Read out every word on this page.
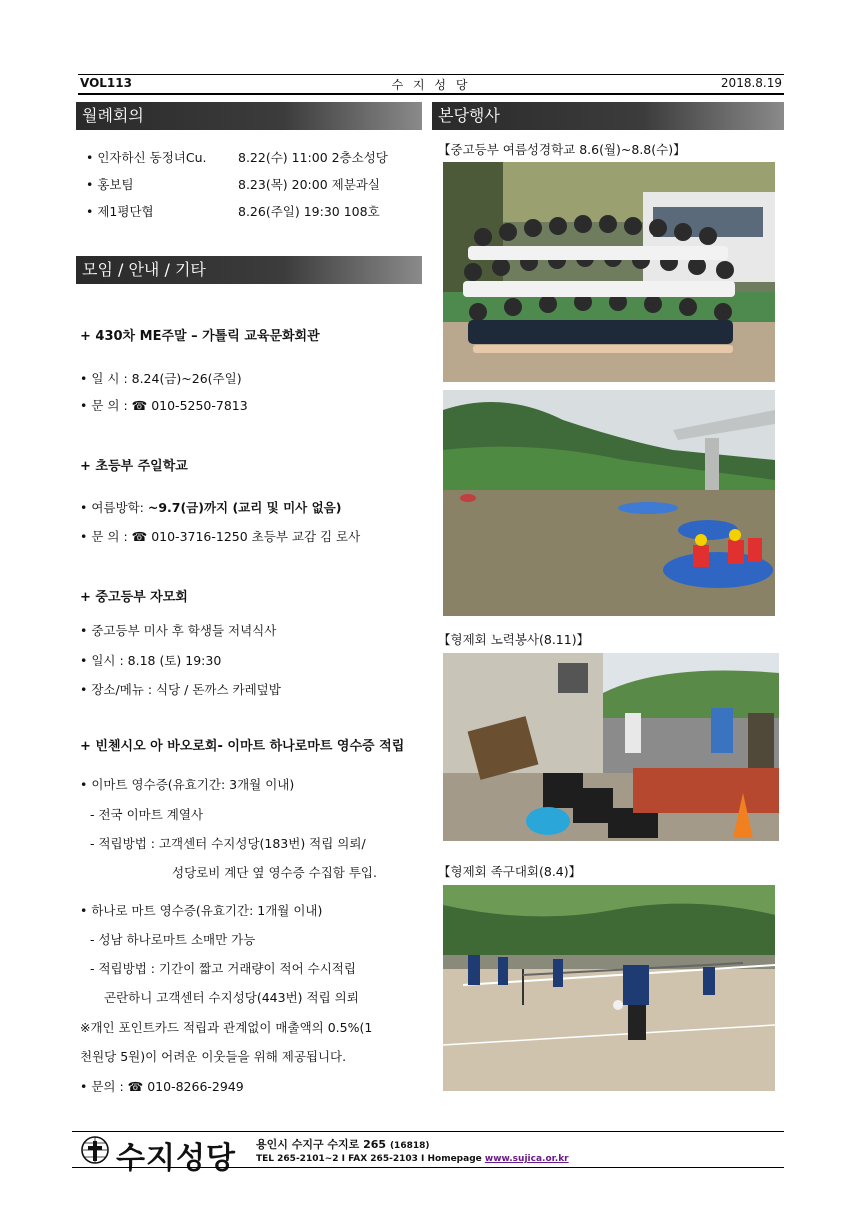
VOL113	수 지 성 당	2018.8.19
월례회의
• 인자하신 동정녀Cu.	8.22(수) 11:00 2층소성당
• 홍보팀	8.23(목) 20:00 제분과실
• 제1평단협	8.26(주일) 19:30 108호
모임 / 안내 / 기타
+ 430차 ME주말 – 가톨릭 교육문화회관
• 일 시 : 8.24(금)~26(주일)
• 문 의 : ☎ 010-5250-7813
+ 초등부 주일학교
• 여름방학: ~9.7(금)까지 (교리 및 미사 없음)
• 문 의 : ☎ 010-3716-1250 초등부 교감 김 로사
+ 중고등부 자모회
• 중고등부 미사 후 학생들 저녁식사
• 일시 : 8.18 (토) 19:30
• 장소/메뉴 : 식당 / 돈까스 카레덮밥
+ 빈첸시오 아 바오로회- 이마트 하나로마트 영수증 적립
• 이마트 영수증(유효기간: 3개월 이내)
- 전국 이마트 계열사
- 적립방법 : 고객센터 수지성당(183번) 적립 의뢰/
성당로비 계단 옆 영수증 수집함 투입.
• 하나로 마트 영수증(유효기간: 1개월 이내)
- 성남 하나로마트 소매만 가능
- 적립방법 : 기간이 짧고 거래량이 적어 수시적립
곤란하니 고객센터 수지성당(443번) 적립 의뢰
※개인 포인트카드 적립과 관계없이 매출액의 0.5%(1
천원당 5원)이 어려운 이웃들을 위해 제공됩니다.
• 문의 : ☎ 010-8266-2949
본당행사
【중고등부 여름성경학교 8.6(월)~8.8(수)】
【형제회 노력봉사(8.11)】
【형제회 족구대회(8.4)】
수지성당 용인시 수지구 수지로 265 (16818)
TEL 265-2101~2 I FAX 265-2103 I Homepage www.sujica.or.kr
